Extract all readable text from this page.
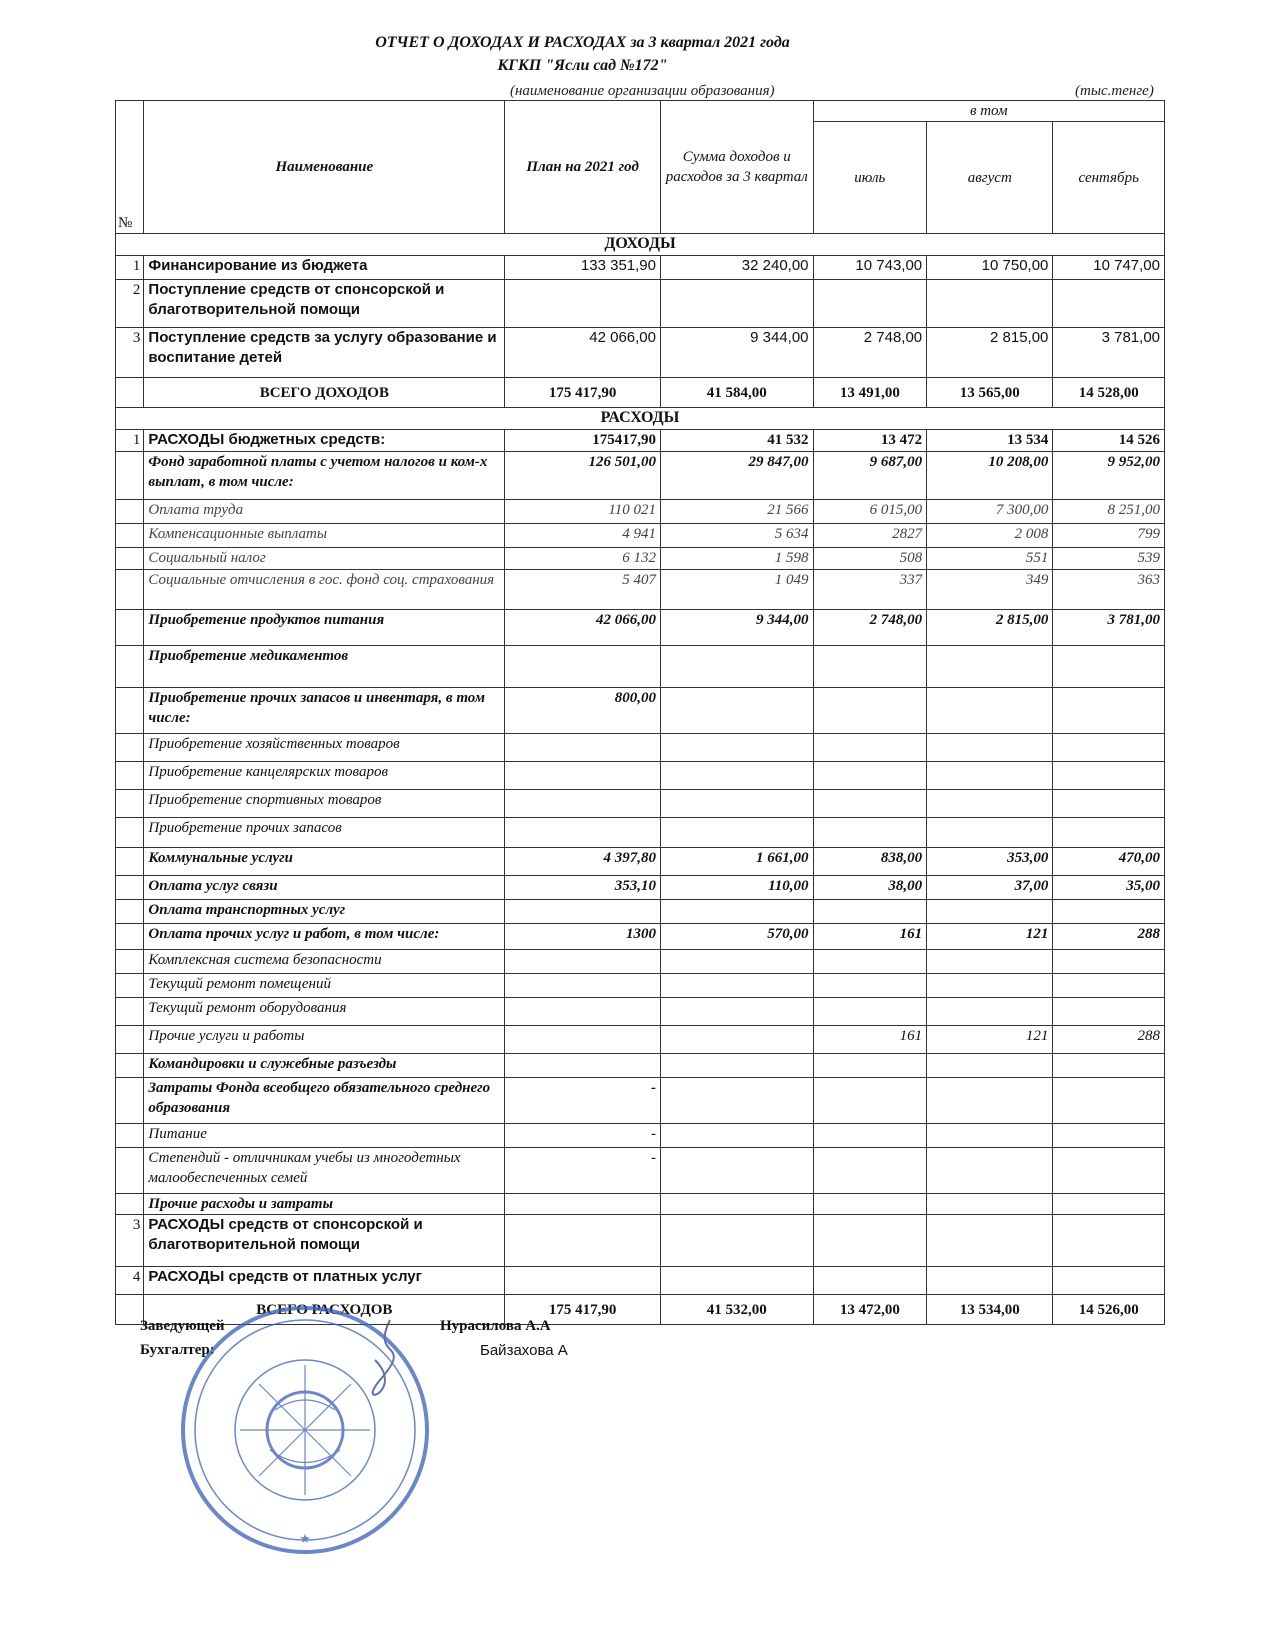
ОТЧЕТ О ДОХОДАХ И РАСХОДАХ за 3 квартал 2021 года
КГКП "Ясли сад №172"
(наименование организации образования)	(тыс.тенге)
№	Наименование	План на 2021 год	Сумма доходов и расходов за 3 квартал	в том		
				июль	август	сентябрь
ДОХОДЫ						
1	Финансирование из бюджета	133 351,90	32 240,00	10 743,00	10 750,00	10 747,00
2	Поступление средств от спонсорской и благотворительной помощи					
3	Поступление средств за услугу образование и воспитание детей	42 066,00	9 344,00	2 748,00	2 815,00	3 781,00
	ВСЕГО ДОХОДОВ	175 417,90	41 584,00	13 491,00	13 565,00	14 528,00
РАСХОДЫ						
1	РАСХОДЫ бюджетных средств:	175417,90	41 532	13 472	13 534	14 526
	Фонд заработной платы с учетом налогов и ком-х выплат, в том числе:	126 501,00	29 847,00	9 687,00	10 208,00	9 952,00
	Оплата труда	110 021	21 566	6 015,00	7 300,00	8 251,00
	Компенсационные выплаты	4 941	5 634	2827	2 008	799
	Социальный налог	6 132	1 598	508	551	539
	Социальные отчисления в гос. фонд соц. страхования	5 407	1 049	337	349	363
	Приобретение продуктов питания	42 066,00	9 344,00	2 748,00	2 815,00	3 781,00
	Приобретение медикаментов					
	Приобретение прочих запасов и инвентаря, в том числе:	800,00				
	Приобретение хозяйственных товаров					
	Приобретение канцелярских товаров					
	Приобретение спортивных товаров					
	Приобретение прочих запасов					
	Коммунальные услуги	4 397,80	1 661,00	838,00	353,00	470,00
	Оплата услуг связи	353,10	110,00	38,00	37,00	35,00
	Оплата транспортных услуг					
	Оплата прочих услуг и работ, в том числе:	1300	570,00	161	121	288
	Комплексная система безопасности					
	Текущий ремонт помещений					
	Текущий ремонт оборудования					
	Прочие услуги и работы			161	121	288
	Командировки и служебные разъезды					
	Затраты Фонда всеобщего обязательного среднего образования	-				
	Питание	-				
	Степендий - отличникам учебы из многодетных малообеспеченных семей	-				
	Прочие расходы и затраты					
3	РАСХОДЫ средств от спонсорской и благотворительной помощи					
4	РАСХОДЫ средств от платных услуг					
	ВСЕГО РАСХОДОВ	175 417,90	41 532,00	13 472,00	13 534,00	14 526,00
Заведующей	Нурасилова А.А
Бухгалтер:	Байзахова А
★
